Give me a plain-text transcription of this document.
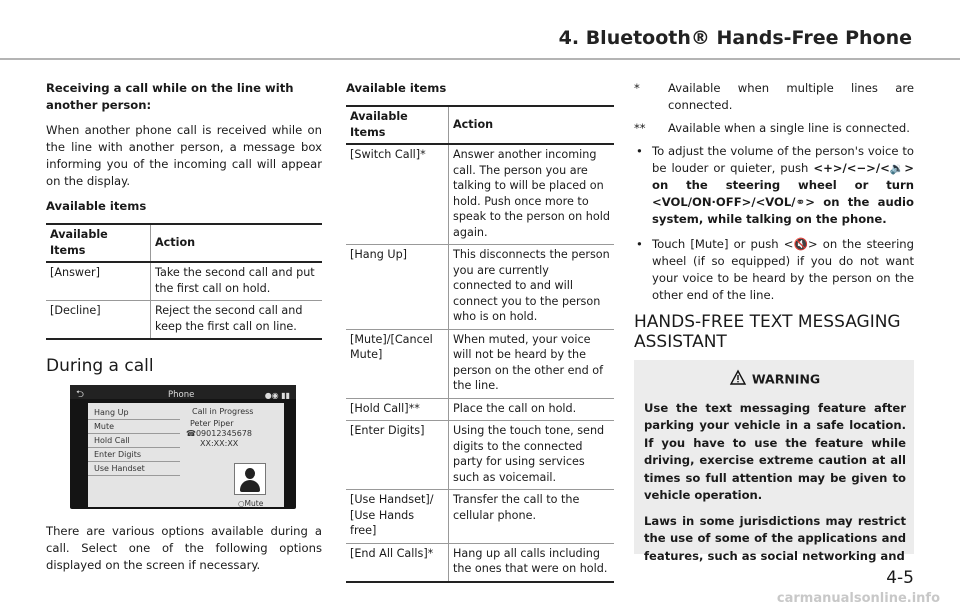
4. Bluetooth® Hands-Free Phone

Receiving a call while on the line with another person:

When another phone call is received while on the line with another person, a message box informing you of the incoming call will appear on the display.

Available items
Available Items	Action
[Answer]	Take the second call and put the first call on hold.
[Decline]	Reject the second call and keep the first call on line.
During a call
⮌	Phone	●◉ ▮▮
Hang Up
Mute
Hold Call
Enter Digits
Use Handset
Call in Progress
Peter Piper
☎09012345678
XX:XX:XX
○Mute

There are various options available during a call. Select one of the following options displayed on the screen if necessary.

Available items
Available Items	Action
[Switch Call]*	Answer another incoming call. The person you are talking to will be placed on hold. Push once more to speak to the person on hold again.
[Hang Up]	This disconnects the person you are currently connected to and will connect you to the person who is on hold.
[Mute]/[Cancel Mute]	When muted, your voice will not be heard by the person on the other end of the line.
[Hold Call]**	Place the call on hold.
[Enter Digits]	Using the touch tone, send digits to the connected party for using services such as voicemail.
[Use Handset]/ [Use Hands free]	Transfer the call to the cellular phone.
[End All Calls]*	Hang up all calls including the ones that were on hold.
* Available when multiple lines are connected.
** Available when a single line is connected.
• To adjust the volume of the person's voice to be louder or quieter, push <+>/<−>/<🔉> on the steering wheel or turn <VOL/ON·OFF>/<VOL/⚭> on the audio system, while talking on the phone.
• Touch [Mute] or push <🔇> on the steering wheel (if so equipped) if you do not want your voice to be heard by the person on the other end of the line.
HANDS-FREE TEXT MESSAGING ASSISTANT
WARNING

Use the text messaging feature after parking your vehicle in a safe location. If you have to use the feature while driving, exercise extreme caution at all times so full attention may be given to vehicle operation.

Laws in some jurisdictions may restrict the use of some of the applications and features, such as social networking and

4-5
carmanualsonline.info
